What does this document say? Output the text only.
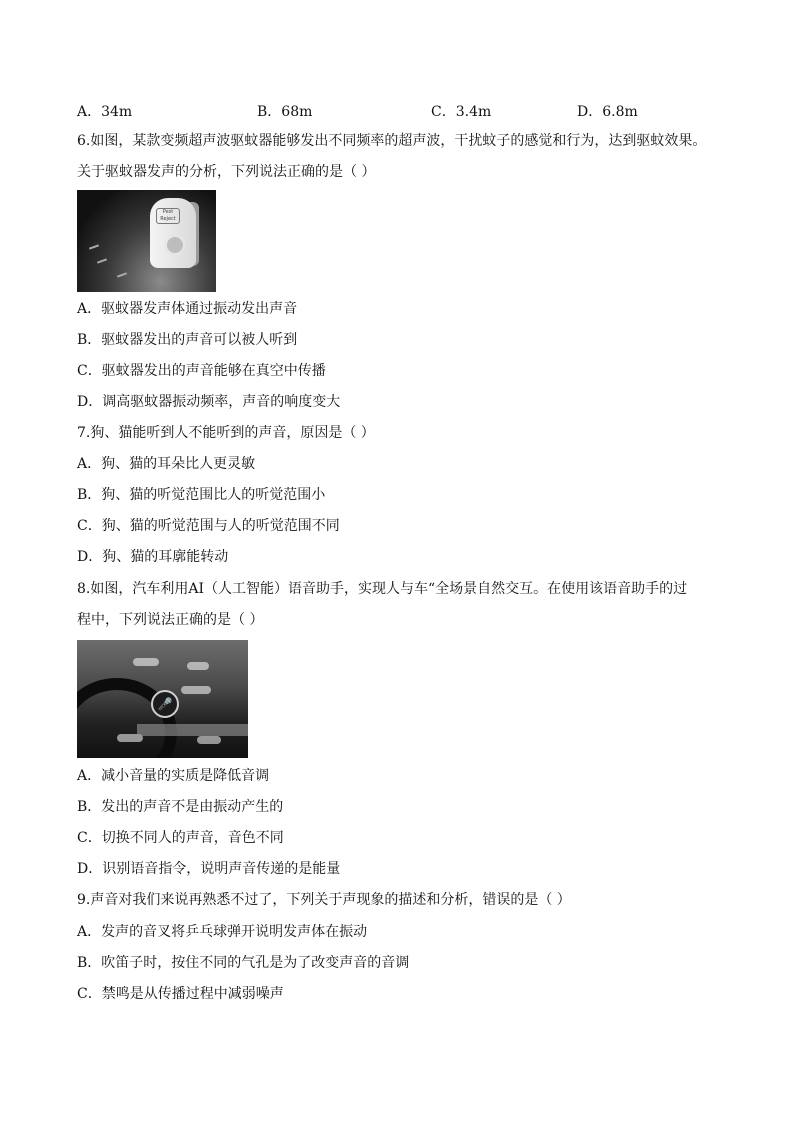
A．34m	B．68m	C．3.4m	D．6.8m
6.如图，某款变频超声波驱蚊器能够发出不同频率的超声波，干扰蚊子的感觉和行为，达到驱蚊效果。
关于驱蚊器发声的分析，下列说法正确的是（ ）
Pest Reject
A．驱蚊器发声体通过振动发出声音
B．驱蚊器发出的声音可以被人听到
C．驱蚊器发出的声音能够在真空中传播
D．调高驱蚊器振动频率，声音的响度变大
7.狗、猫能听到人不能听到的声音，原因是（ ）
A．狗、猫的耳朵比人更灵敏
B．狗、猫的听觉范围比人的听觉范围小
C．狗、猫的听觉范围与人的听觉范围不同
D．狗、猫的耳廓能转动
8.如图，汽车利用AI（人工智能）语音助手，实现人与车“全场景自然交互。在使用该语音助手的过
程中，下列说法正确的是（ ）
🎤
A．减小音量的实质是降低音调
B．发出的声音不是由振动产生的
C．切换不同人的声音，音色不同
D．识别语音指令，说明声音传递的是能量
9.声音对我们来说再熟悉不过了，下列关于声现象的描述和分析，错误的是（ ）
A．发声的音叉将乒乓球弹开说明发声体在振动
B．吹笛子时，按住不同的气孔是为了改变声音的音调
C．禁鸣是从传播过程中减弱噪声
